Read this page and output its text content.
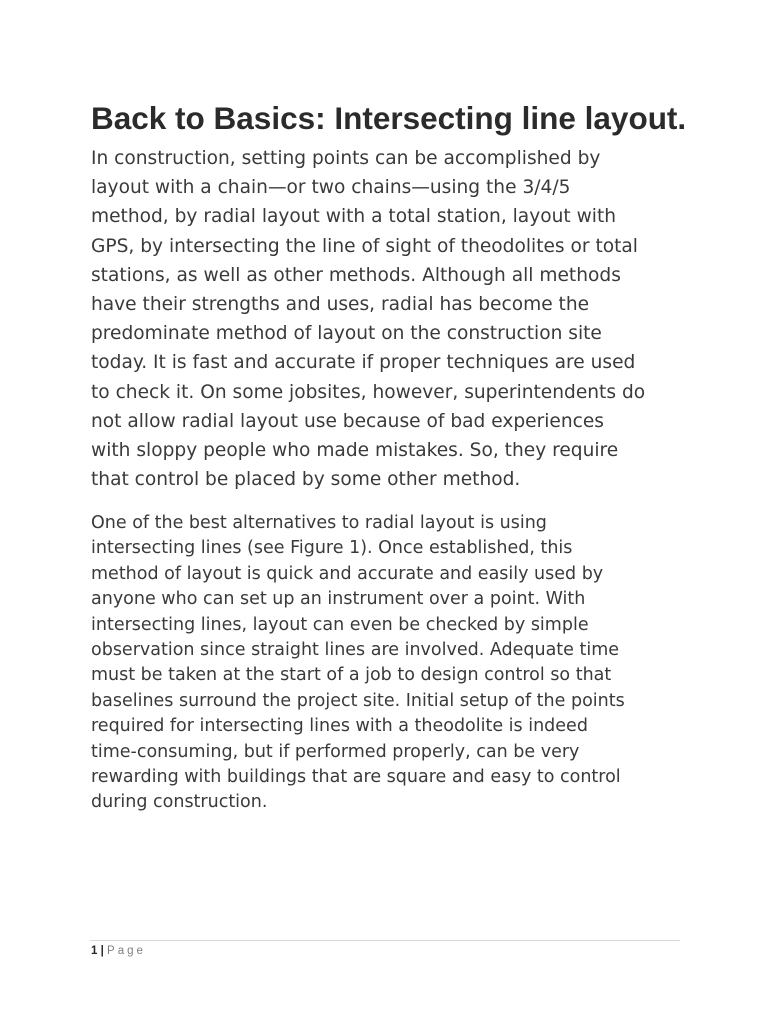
Back to Basics: Intersecting line layout.
In construction, setting points can be accomplished by
layout with a chain—or two chains—using the 3/4/5
method, by radial layout with a total station, layout with
GPS, by intersecting the line of sight of theodolites or total
stations, as well as other methods. Although all methods
have their strengths and uses, radial has become the
predominate method of layout on the construction site
today. It is fast and accurate if proper techniques are used
to check it. On some jobsites, however, superintendents do
not allow radial layout use because of bad experiences
with sloppy people who made mistakes. So, they require
that control be placed by some other method.
One of the best alternatives to radial layout is using
intersecting lines (see Figure 1). Once established, this
method of layout is quick and accurate and easily used by
anyone who can set up an instrument over a point. With
intersecting lines, layout can even be checked by simple
observation since straight lines are involved. Adequate time
must be taken at the start of a job to design control so that
baselines surround the project site. Initial setup of the points
required for intersecting lines with a theodolite is indeed
time-consuming, but if performed properly, can be very
rewarding with buildings that are square and easy to control
during construction.
1 | Page
